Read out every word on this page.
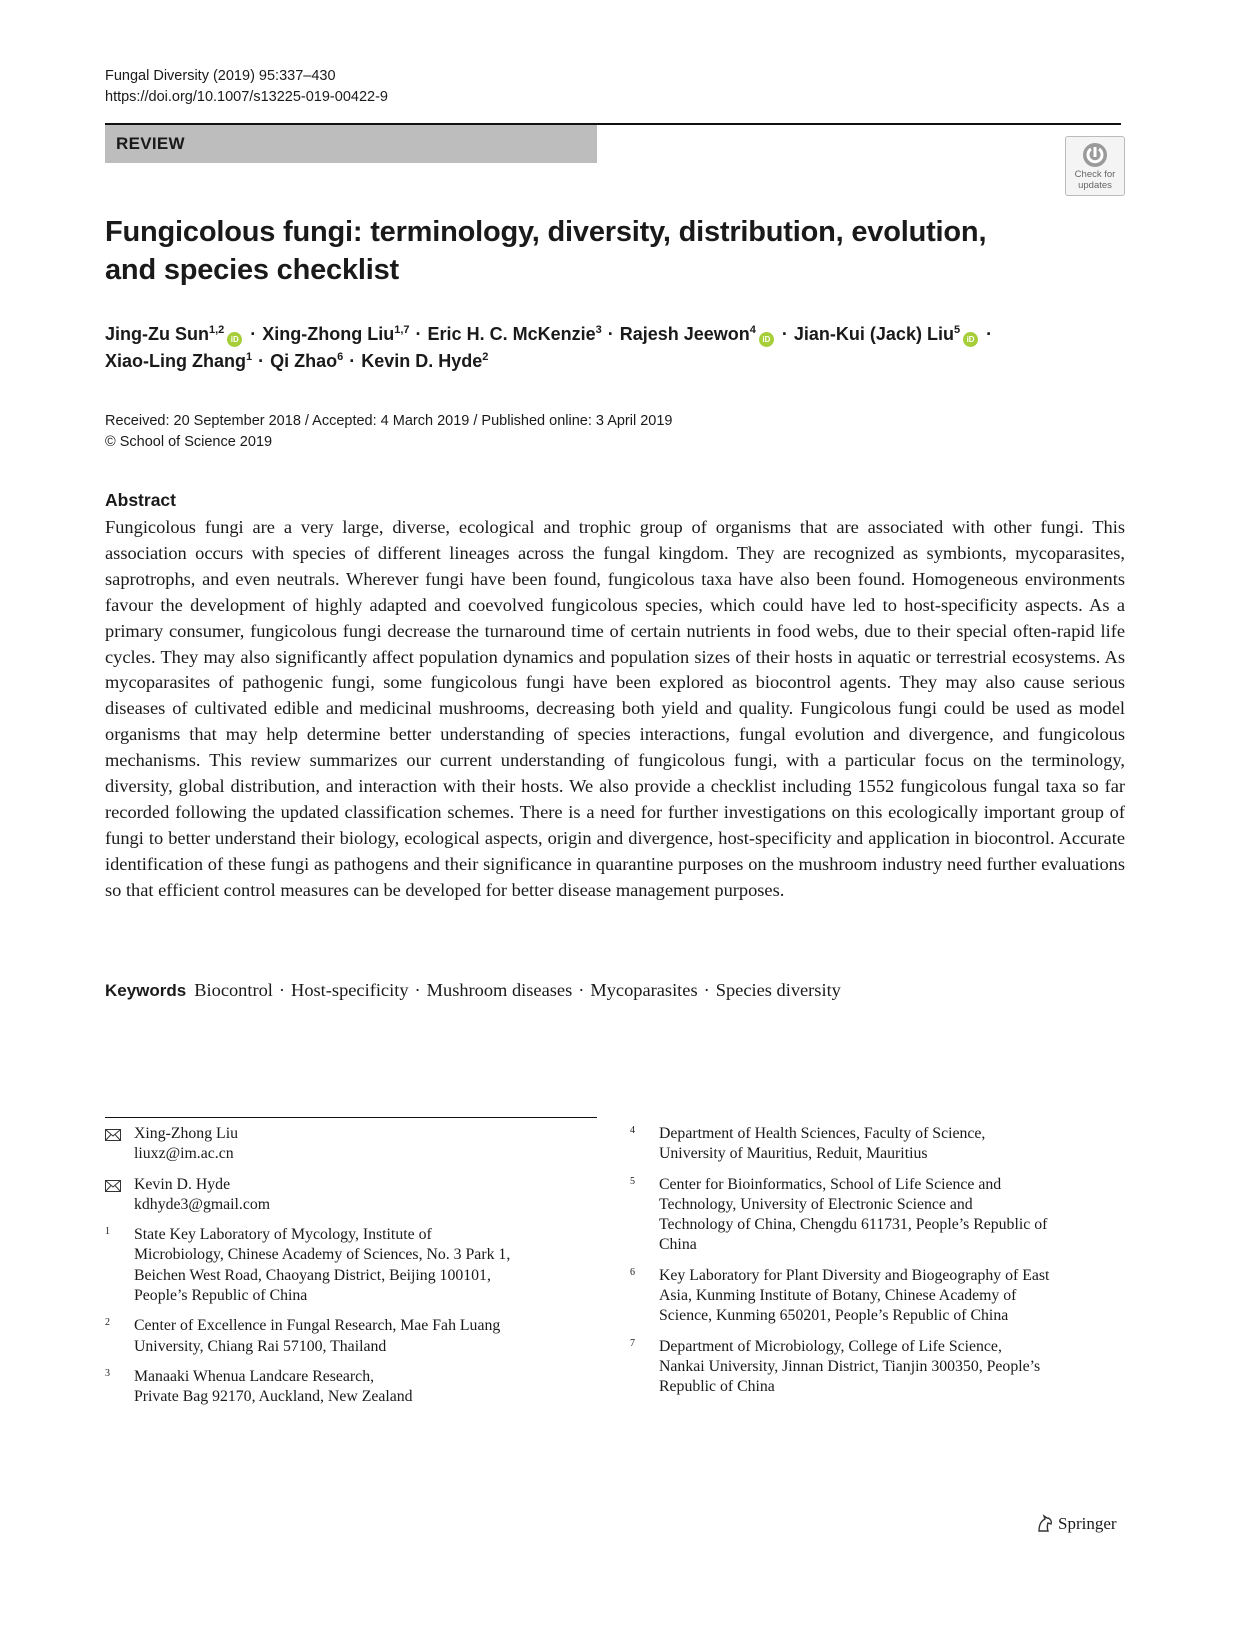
Fungal Diversity (2019) 95:337–430
https://doi.org/10.1007/s13225-019-00422-9
REVIEW
Check for
updates
Fungicolous fungi: terminology, diversity, distribution, evolution,
and species checklist
Jing-Zu Sun$^{1,2}$iD · Xing-Zhong Liu$^{1,7}$ · Eric H. C. McKenzie$^3$ · Rajesh Jeewon$^4$iD · Jian-Kui (Jack) Liu$^5$iD ·
Xiao-Ling Zhang$^1$ · Qi Zhao$^6$ · Kevin D. Hyde$^2$
Received: 20 September 2018 / Accepted: 4 March 2019 / Published online: 3 April 2019
© School of Science 2019
Abstract
Fungicolous fungi are a very large, diverse, ecological and trophic group of organisms that are associated with other fungi. This association occurs with species of different lineages across the fungal kingdom. They are recognized as symbionts, mycoparasites, saprotrophs, and even neutrals. Wherever fungi have been found, fungicolous taxa have also been found. Homogeneous environments favour the development of highly adapted and coevolved fungicolous species, which could have led to host-specificity aspects. As a primary consumer, fungicolous fungi decrease the turnaround time of certain nutrients in food webs, due to their special often-rapid life cycles. They may also significantly affect population dynamics and population sizes of their hosts in aquatic or terrestrial ecosystems. As mycoparasites of pathogenic fungi, some fungicolous fungi have been explored as biocontrol agents. They may also cause serious diseases of cultivated edible and medicinal mushrooms, decreasing both yield and quality. Fungicolous fungi could be used as model organisms that may help determine better understanding of species interactions, fungal evolution and divergence, and fungicolous mechanisms. This review summarizes our current understanding of fungicolous fungi, with a particular focus on the terminology, diversity, global distribution, and interaction with their hosts. We also provide a checklist including 1552 fungicolous fungal taxa so far recorded following the updated classification schemes. There is a need for further investigations on this ecologically important group of fungi to better understand their biology, ecological aspects, origin and divergence, host-specificity and application in biocontrol. Accurate identification of these fungi as pathogens and their significance in quarantine purposes on the mushroom industry need further evaluations so that efficient control measures can be developed for better disease management purposes.
Keywords Biocontrol · Host-specificity · Mushroom diseases · Mycoparasites · Species diversity
Xing-Zhong Liu
liuxz@im.ac.cn
Kevin D. Hyde
kdhyde3@gmail.com
1 State Key Laboratory of Mycology, Institute of
Microbiology, Chinese Academy of Sciences, No. 3 Park 1,
Beichen West Road, Chaoyang District, Beijing 100101,
People’s Republic of China
2 Center of Excellence in Fungal Research, Mae Fah Luang
University, Chiang Rai 57100, Thailand
3 Manaaki Whenua Landcare Research,
Private Bag 92170, Auckland, New Zealand
4 Department of Health Sciences, Faculty of Science,
University of Mauritius, Reduit, Mauritius
5 Center for Bioinformatics, School of Life Science and
Technology, University of Electronic Science and
Technology of China, Chengdu 611731, People’s Republic of
China
6 Key Laboratory for Plant Diversity and Biogeography of East
Asia, Kunming Institute of Botany, Chinese Academy of
Science, Kunming 650201, People’s Republic of China
7 Department of Microbiology, College of Life Science,
Nankai University, Jinnan District, Tianjin 300350, People’s
Republic of China
Springer
